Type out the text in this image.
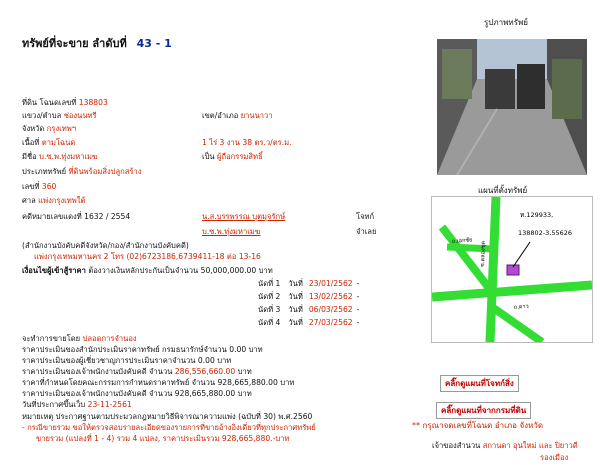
ทรัพย์ที่จะขาย ลำดับที่ 43 - 1
รูปภาพทรัพย์
แผนที่ตั้งทรัพย์
ท.129933,
138802-3,55626
ถ.เอกชัย ซ.คลองขุด
ถ.ดาว
ที่ดิน โฉนดเลขที่ 138803
แขวง/ตำบล ช่องนนทรี	เขต/อำเภอ ยานนาวา
จังหวัด กรุงเทพฯ
เนื้อที่ ตามโฉนด	1 ไร่ 3 งาน 38 ตร.ว/ตร.ม.
มีชื่อ บ.ซ.พ.ทุ่งมหาเมฆ	เป็น ผู้ถือกรรมสิทธิ์
ประเภททรัพย์ ที่ดินพร้อมสิ่งปลูกสร้าง
เลขที่ 360
ศาล แพ่งกรุงเทพใต้
คดีหมายเลขแดงที่ 1632 / 2554	น.ส.บรรพรรณ บุตมุจรักษ์	โจทก์
บ.ซ.พ.ทุ่งมหาเมฆ	จำเลย
(สำนักงานบังคับคดีจังหวัด/กอง/สำนักงานบังคับคดี)
แพ่งกรุงเทพมหานคร 2 โทร (02)6723186,6739411-18 ต่อ 13-16
เงื่อนไขผู้เข้าสู้ราคา ต้องวางเงินหลักประกันเป็นจำนวน 50,000,000.00 บาท
นัดที่ 1 วันที่ 23/01/2562 -
นัดที่ 2 วันที่ 13/02/2562 -
นัดที่ 3 วันที่ 06/03/2562 -
นัดที่ 4 วันที่ 27/03/2562 -
จะทำการขายโดย ปลอดการจำนอง
ราคาประเมินของสำนักประเมินราคาทรัพย์ กรมธนารักษ์จำนวน 0.00 บาท
ราคาประเมินของผู้เชี่ยวชาญการประเมินราคาจำนวน 0.00 บาท
ราคาประเมินของเจ้าพนักงานบังคับคดี จำนวน 286,556,660.00 บาท
ราคาที่กำหนดโดยคณะกรรมการกำหนดราคาทรัพย์ จำนวน 928,665,880.00 บาท
ราคาประเมินของเจ้าพนักงานบังคับคดี จำนวน 928,665,880.00 บาท
วันที่ประกาศขึ้นเว็บ 23-11-2561
หมายเหตุ ประกาศฐานตามประมวลกฎหมายวิธีพิจารณาความแพ่ง (ฉบับที่ 30) พ.ศ.2560
- กรณีขายรวม ขอให้ตรวจสอบรายละเอียดของรายการที่ขายอ้างอิงเดี่ยวที่ทุกประกาศทรัพย์
ขายรวม (แปลงที่ 1 - 4) รวม 4 แปลง, ราคาประเมินรวม 928,665,880.-บาท
คลิ๊กดูแผนที่โจทก์สิ่ง
คลิ๊กดูแผนที่จากกรมที่ดิน
** กรุณาจดเลขที่โฉนด อำเภอ จังหวัด
เจ้าของสำนวน สกานดา อุนใหม่ และ ปิยาวดี
รองเมือง
